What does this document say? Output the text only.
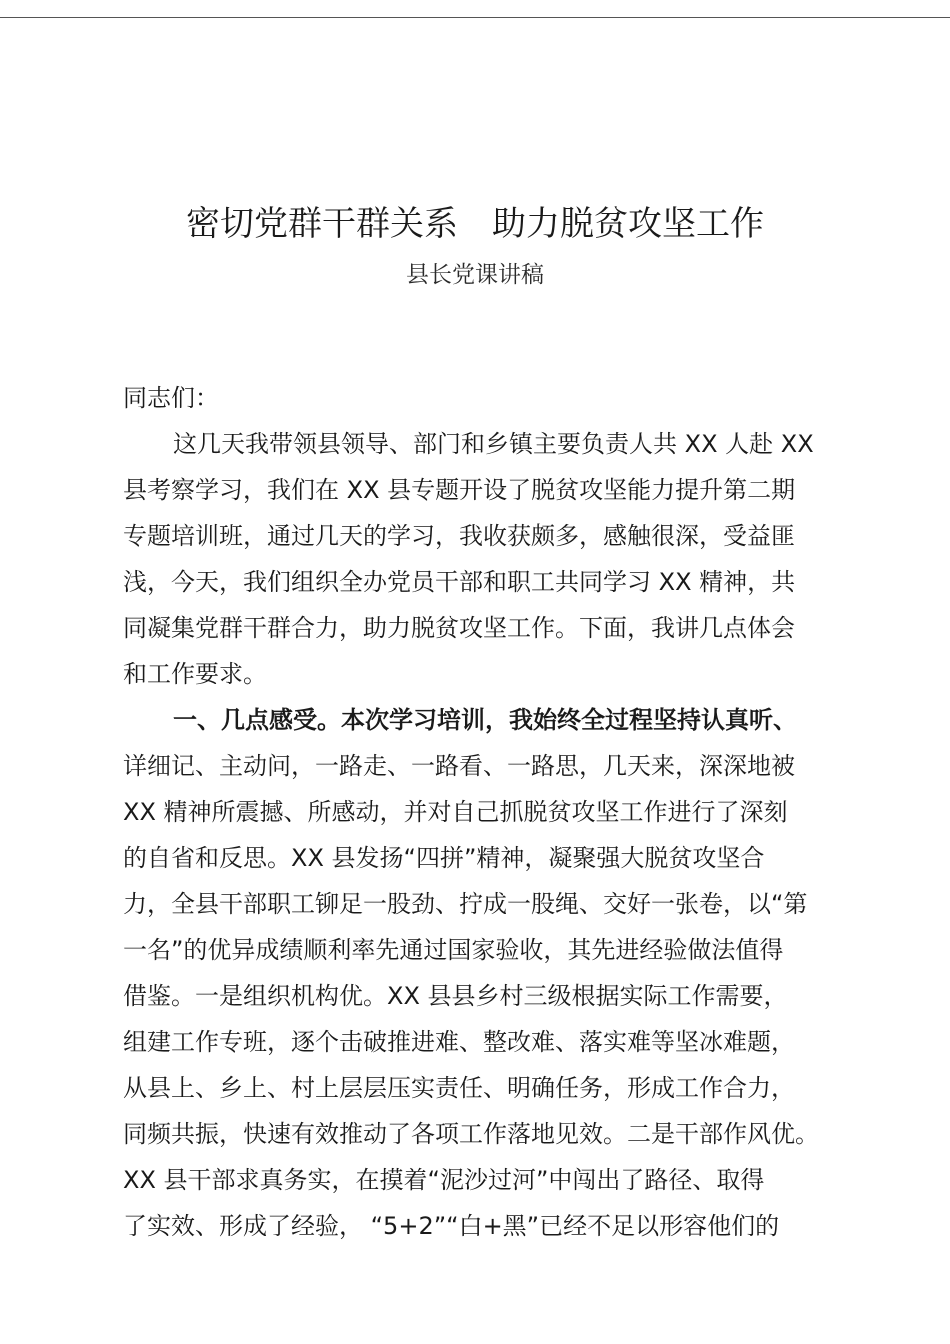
密切党群干群关系 助力脱贫攻坚工作
县长党课讲稿
同志们：
这几天我带领县领导、部门和乡镇主要负责人共 XX 人赴 XX
县考察学习，我们在 XX 县专题开设了脱贫攻坚能力提升第二期
专题培训班，通过几天的学习，我收获颇多，感触很深，受益匪
浅，今天，我们组织全办党员干部和职工共同学习 XX 精神，共
同凝集党群干群合力，助力脱贫攻坚工作。下面，我讲几点体会
和工作要求。
一、几点感受。本次学习培训，我始终全过程坚持认真听、
详细记、主动问，一路走、一路看、一路思，几天来，深深地被
XX 精神所震撼、所感动，并对自己抓脱贫攻坚工作进行了深刻
的自省和反思。XX 县发扬“四拼”精神，凝聚强大脱贫攻坚合
力，全县干部职工铆足一股劲、拧成一股绳、交好一张卷，以“第
一名”的优异成绩顺利率先通过国家验收，其先进经验做法值得
借鉴。一是组织机构优。XX 县县乡村三级根据实际工作需要，
组建工作专班，逐个击破推进难、整改难、落实难等坚冰难题，
从县上、乡上、村上层层压实责任、明确任务，形成工作合力，
同频共振，快速有效推动了各项工作落地见效。二是干部作风优。
XX 县干部求真务实，在摸着“泥沙过河”中闯出了路径、取得
了实效、形成了经验， “5+2”“白+黑”已经不足以形容他们的
